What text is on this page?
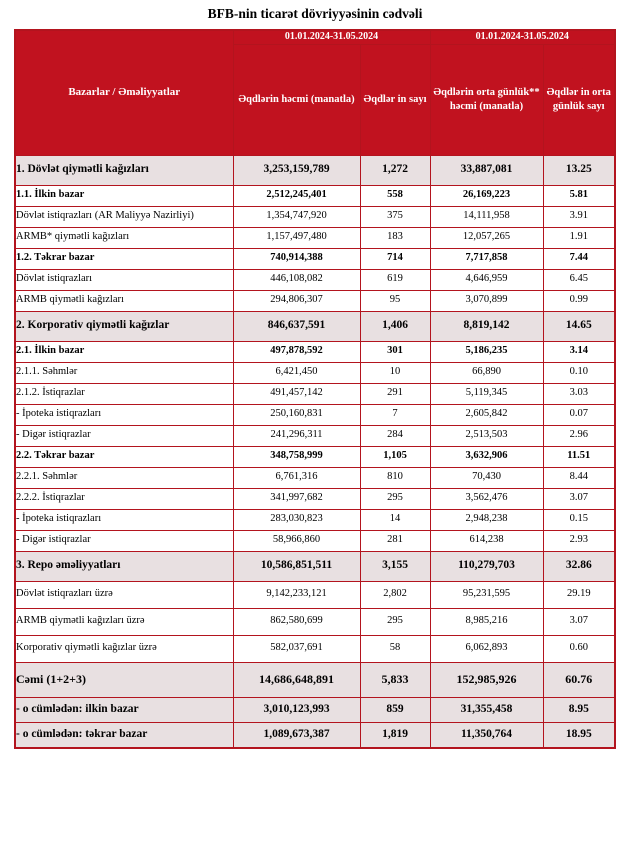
BFB-nin ticarət dövriyyəsinin cədvəli
Bazarlar / Əməliyyatlar	01.01.2024-31.05.2024		01.01.2024-31.05.2024	
	Əqdlərin həcmi (manatla)	Əqdlər in sayı	Əqdlərin orta günlük** həcmi (manatla)	Əqdlər in orta günlük sayı
1. Dövlət qiymətli kağızları	3,253,159,789	1,272	33,887,081	13.25
1.1. İlkin bazar	2,512,245,401	558	26,169,223	5.81
Dövlət istiqrazları (AR Maliyyə Nazirliyi)	1,354,747,920	375	14,111,958	3.91
ARMB* qiymətli kağızları	1,157,497,480	183	12,057,265	1.91
1.2. Təkrar bazar	740,914,388	714	7,717,858	7.44
Dövlət istiqrazları	446,108,082	619	4,646,959	6.45
ARMB qiymətli kağızları	294,806,307	95	3,070,899	0.99
2. Korporativ qiymətli kağızlar	846,637,591	1,406	8,819,142	14.65
2.1. İlkin bazar	497,878,592	301	5,186,235	3.14
2.1.1. Səhmlər	6,421,450	10	66,890	0.10
2.1.2. İstiqrazlar	491,457,142	291	5,119,345	3.03
- İpoteka istiqrazları	250,160,831	7	2,605,842	0.07
- Digər istiqrazlar	241,296,311	284	2,513,503	2.96
2.2. Təkrar bazar	348,758,999	1,105	3,632,906	11.51
2.2.1. Səhmlər	6,761,316	810	70,430	8.44
2.2.2. İstiqrazlar	341,997,682	295	3,562,476	3.07
- İpoteka istiqrazları	283,030,823	14	2,948,238	0.15
- Digər istiqrazlar	58,966,860	281	614,238	2.93
3. Repo əməliyyatları	10,586,851,511	3,155	110,279,703	32.86
Dövlət istiqrazları üzrə	9,142,233,121	2,802	95,231,595	29.19
ARMB qiymətli kağızları üzrə	862,580,699	295	8,985,216	3.07
Korporativ qiymətli kağızlar üzrə	582,037,691	58	6,062,893	0.60
Cəmi (1+2+3)	14,686,648,891	5,833	152,985,926	60.76
- o cümlədən: ilkin bazar	3,010,123,993	859	31,355,458	8.95
- o cümlədən: təkrar bazar	1,089,673,387	1,819	11,350,764	18.95
